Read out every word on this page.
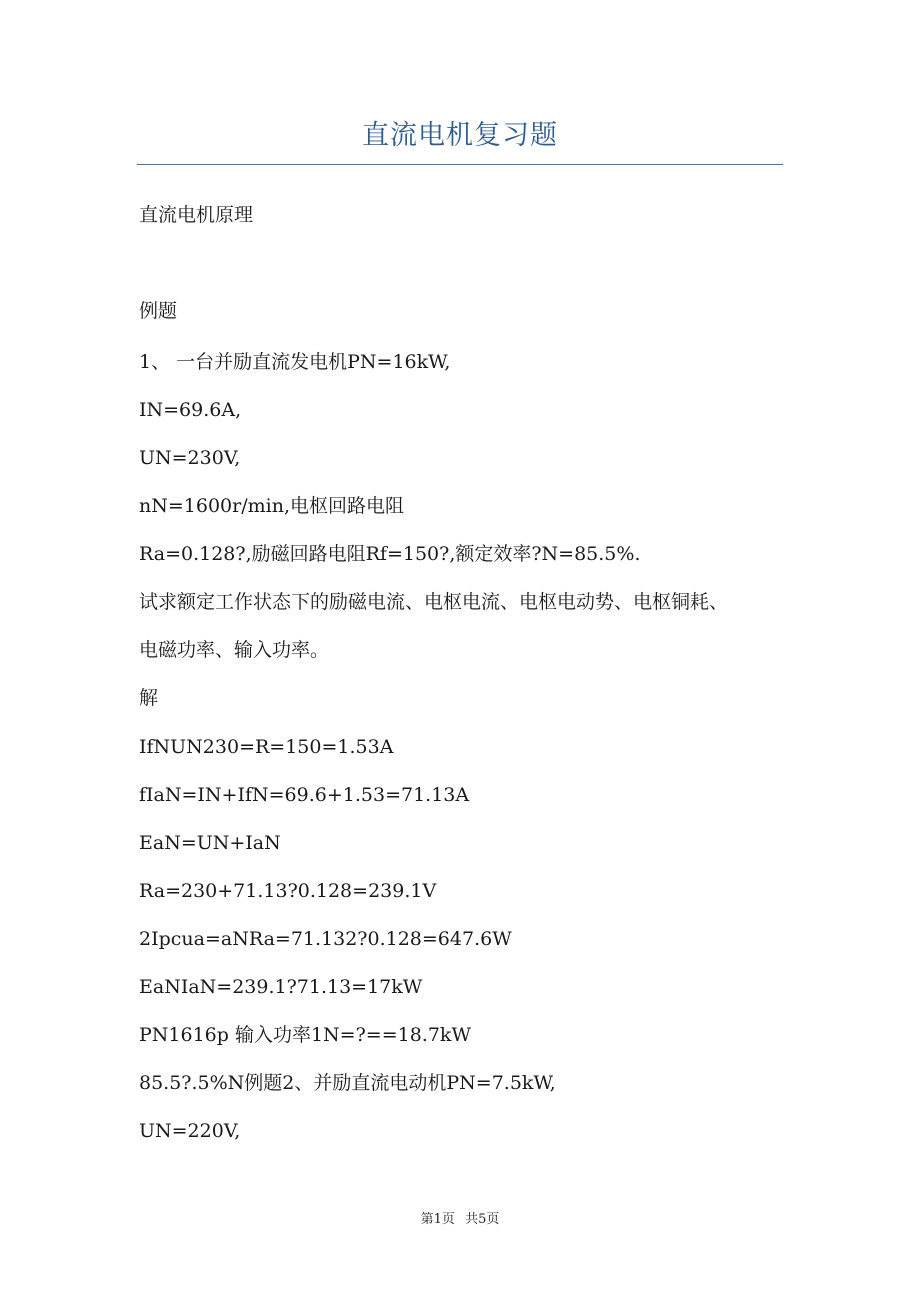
直流电机复习题
直流电机原理
例题
1、 一台并励直流发电机PN=16kW,
IN=69.6A,
UN=230V,
nN=1600r/min,电枢回路电阻
Ra=0.128?,励磁回路电阻Rf=150?,额定效率?N=85.5%.
试求额定工作状态下的励磁电流、电枢电流、电枢电动势、电枢铜耗、
电磁功率、输入功率。
解
IfNUN230=R=150=1.53A
fIaN=IN+IfN=69.6+1.53=71.13A
EaN=UN+IaN
Ra=230+71.13?0.128=239.1V
2Ipcua=aNRa=71.132?0.128=647.6W
EaNIaN=239.1?71.13=17kW
PN1616p 输入功率1N=?==18.7kW
85.5?.5%N例题2、并励直流电动机PN=7.5kW,
UN=220V,
第1页 共5页
